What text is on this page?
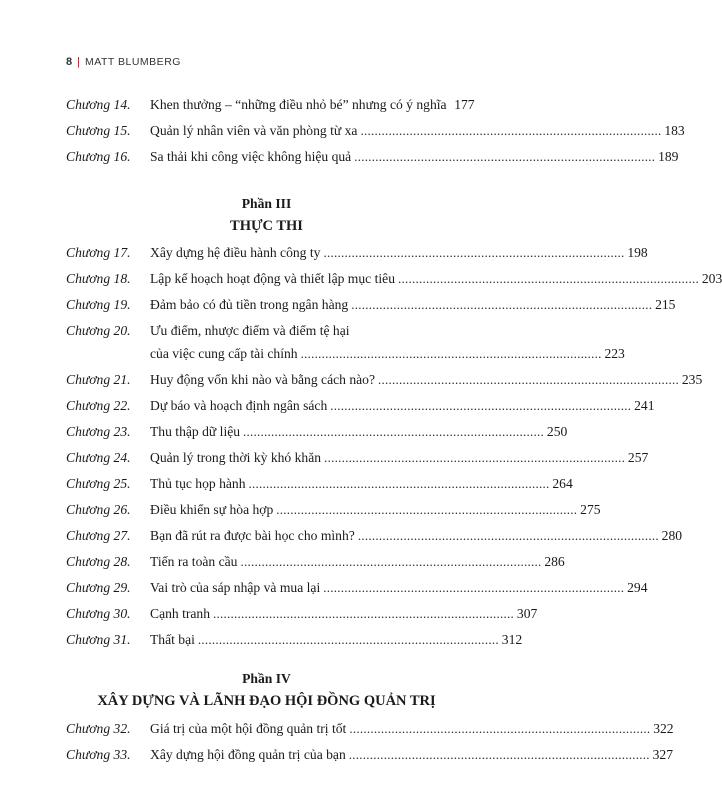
8 | MATT BLUMBERG
Chương 14.	Khen thưởng – “những điều nhỏ bé” nhưng có ý nghĩa 177
Chương 15.	Quản lý nhân viên và văn phòng từ xa . . .	183
Chương 16.	Sa thải khi công việc không hiệu quả . . .	189
Phần III
THỰC THI
Chương 17.	Xây dựng hệ điều hành công ty . . .	198
Chương 18.	Lập kế hoạch hoạt động và thiết lập mục tiêu . . .	203
Chương 19.	Đảm bảo có đủ tiền trong ngân hàng . . .	215
Chương 20.	Ưu điểm, nhược điểm và điểm tệ hại
của việc cung cấp tài chính . . .	223
Chương 21.	Huy động vốn khi nào và bằng cách nào? . . .	235
Chương 22.	Dự báo và hoạch định ngân sách . . .	241
Chương 23.	Thu thập dữ liệu . . .	250
Chương 24.	Quản lý trong thời kỳ khó khăn . . .	257
Chương 25.	Thủ tục họp hành . . .	264
Chương 26.	Điều khiển sự hòa hợp . . .	275
Chương 27.	Bạn đã rút ra được bài học cho mình? . . .	280
Chương 28.	Tiến ra toàn cầu . . .	286
Chương 29.	Vai trò của sáp nhập và mua lại . . .	294
Chương 30.	Cạnh tranh . . .	307
Chương 31.	Thất bại . . .	312
Phần IV
XÂY DỰNG VÀ LÃNH ĐẠO HỘI ĐỒNG QUẢN TRỊ
Chương 32.	Giá trị của một hội đồng quản trị tốt . . .	322
Chương 33.	Xây dựng hội đồng quản trị của bạn . . .	327
